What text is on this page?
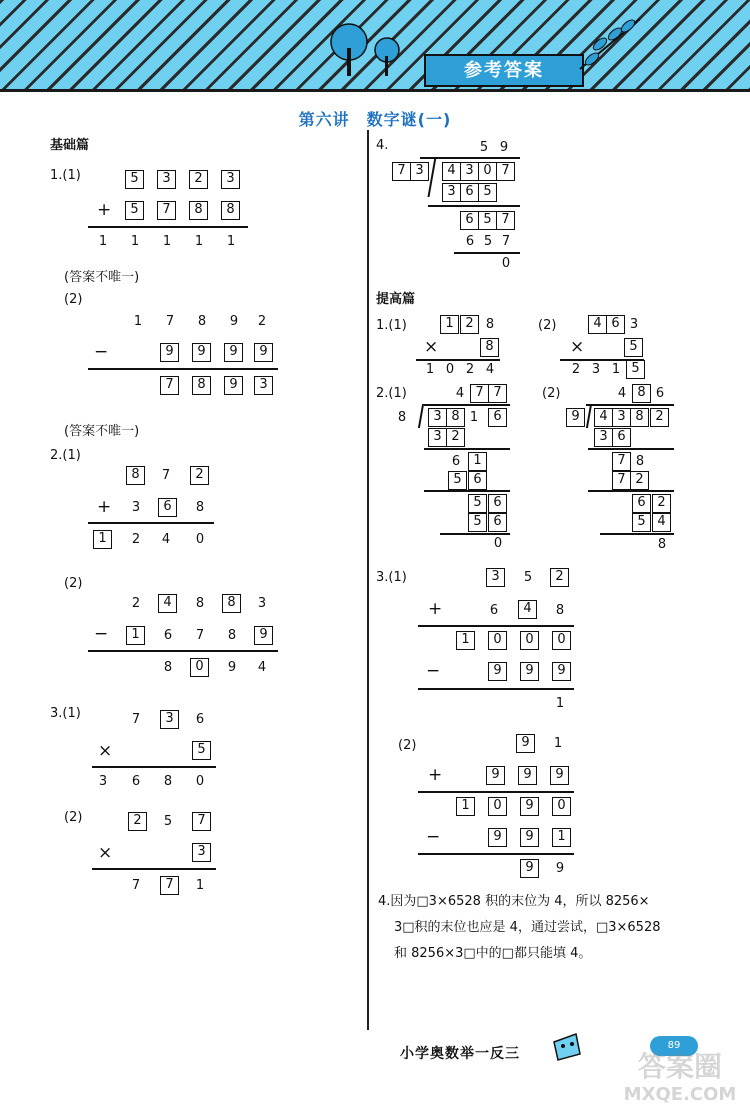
参考答案
第六讲　数字谜(一)
基础篇
1.(1)	5	3	2	3
+	5	7	8	8
1	1	1	1	1
(答案不唯一)
(2)
1	7	8	9	2
−	9	9	9	9
7	8	9	3
(答案不唯一)
2.(1)
8	7	2
+	3	6	8
1	2	4	0
(2)
2	4	8	8	3
−	1	6	7	8	9
8	0	9	4
3.(1)	7	3	6
×	5
3	6	8	0
(2)	2	5	7
×	3
7	7	1
4.	5 9
7 3	4 3 0 7
3 6 5
6 5 7
6 5 7
0
提高篇
1.(1)	1 2 8
×	8
1 0 2 4
(2)	4 6 3
×	5
2 3 1 5
2.(1)	4 7 7
8	3 8 1	6
3 2
6	1
5 6
5 6
5 6
0
(2)	4 8 6
9	4 3 8 2
3 6
7 8
7 2
6 2
5 4
8
3.(1)	3	5	2
+	6	4	8
1	0	0	0
−	9	9	9
1
(2)	9	1
+	9	9	9
1	0	9	0
−	9	9	1
9	9
4.因为□3×6528 积的末位为 4，所以 8256×
3□积的末位也应是 4，通过尝试，□3×6528
和 8256×3□中的□都只能填 4。
小学奥数举一反三
89
答案圈
MXQE.COM
